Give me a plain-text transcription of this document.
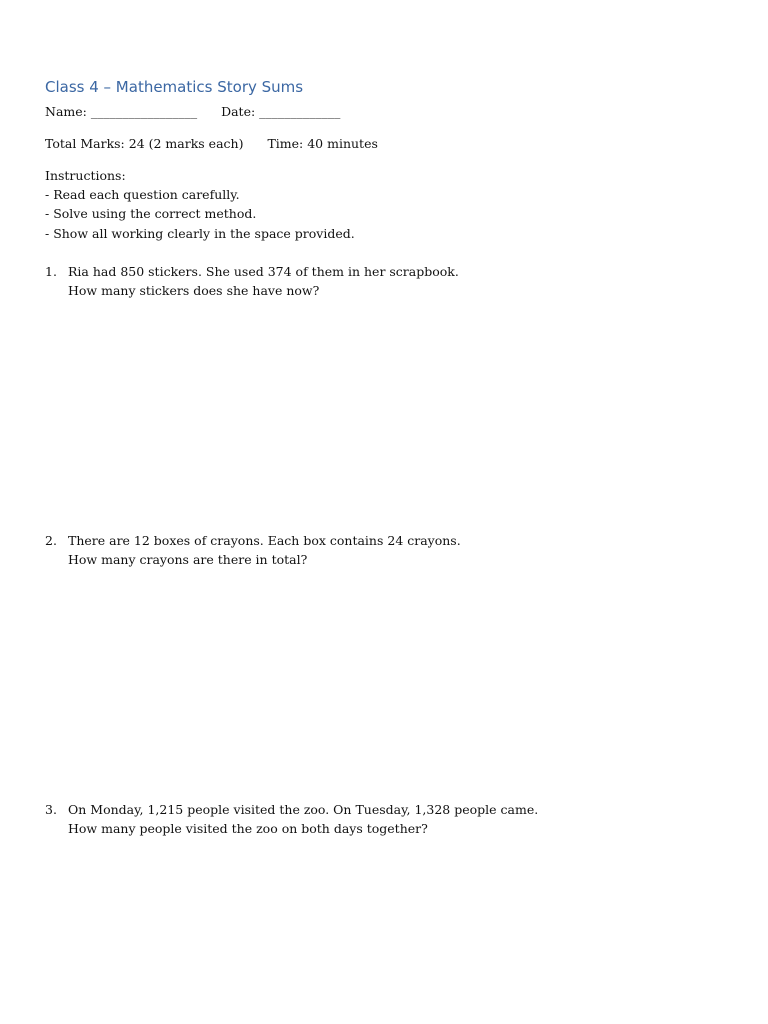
Class 4 – Mathematics Story Sums
Name: _________________ Date: _____________
Total Marks: 24 (2 marks each) Time: 40 minutes
Instructions:
- Read each question carefully.
- Solve using the correct method.
- Show all working clearly in the space provided.
1. Ria had 850 stickers. She used 374 of them in her scrapbook.
How many stickers does she have now?
2. There are 12 boxes of crayons. Each box contains 24 crayons.
How many crayons are there in total?
3. On Monday, 1,215 people visited the zoo. On Tuesday, 1,328 people came.
How many people visited the zoo on both days together?
